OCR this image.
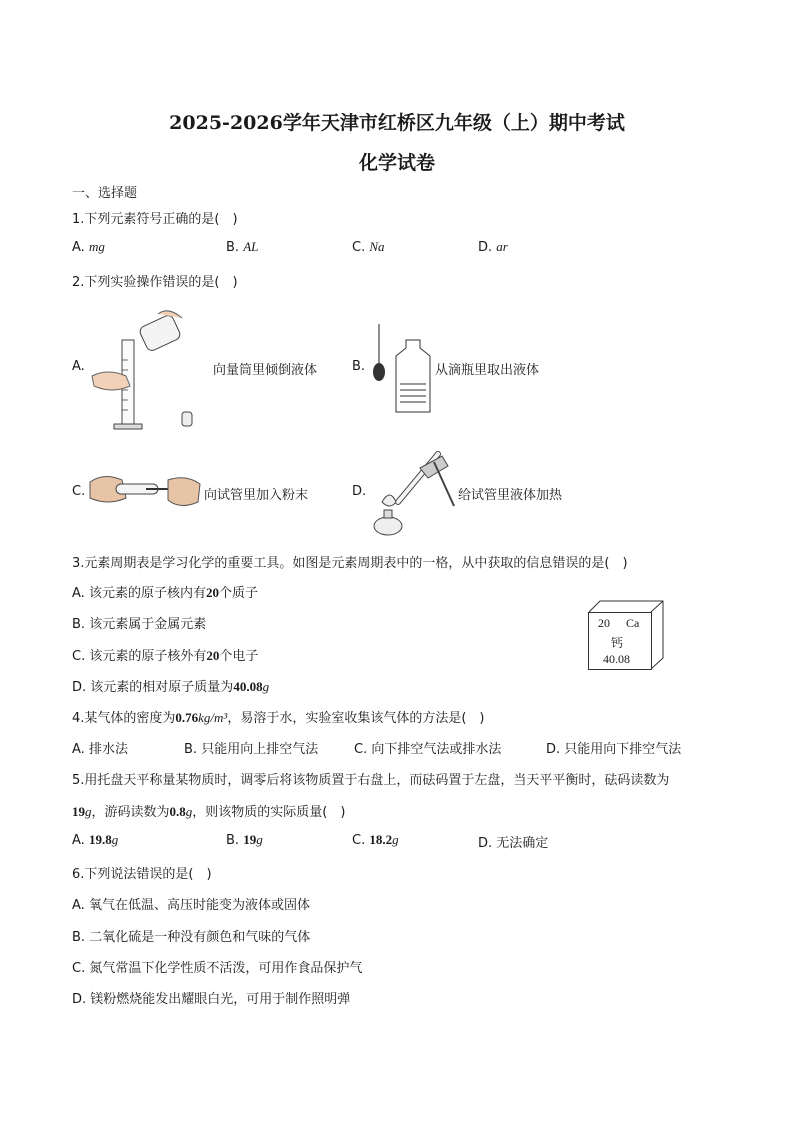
2025-2026学年天津市红桥区九年级（上）期中考试
化学试卷
一、选择题
1.下列元素符号正确的是(　)
A. mg	B. AL	C. Na	D. ar
2.下列实验操作错误的是(　)
A.	向量筒里倾倒液体	B.	从滴瓶里取出液体
C.	向试管里加入粉末	D.	给试管里液体加热
3.元素周期表是学习化学的重要工具。如图是元素周期表中的一格，从中获取的信息错误的是(　)
A. 该元素的原子核内有20个质子
B. 该元素属于金属元素
C. 该元素的原子核外有20个电子
D. 该元素的相对原子质量为40.08g
20 Ca
钙
40.08
4.某气体的密度为0.76kg/m³，易溶于水，实验室收集该气体的方法是(　)
A. 排水法	B. 只能用向上排空气法	C. 向下排空气法或排水法	D. 只能用向下排空气法
5.用托盘天平称量某物质时，调零后将该物质置于右盘上，而砝码置于左盘，当天平平衡时，砝码读数为
19g，游码读数为0.8g，则该物质的实际质量(　)
A. 19.8g	B. 19g	C. 18.2g	D. 无法确定
6.下列说法错误的是(　)
A. 氧气在低温、高压时能变为液体或固体
B. 二氧化硫是一种没有颜色和气味的气体
C. 氮气常温下化学性质不活泼，可用作食品保护气
D. 镁粉燃烧能发出耀眼白光，可用于制作照明弹
